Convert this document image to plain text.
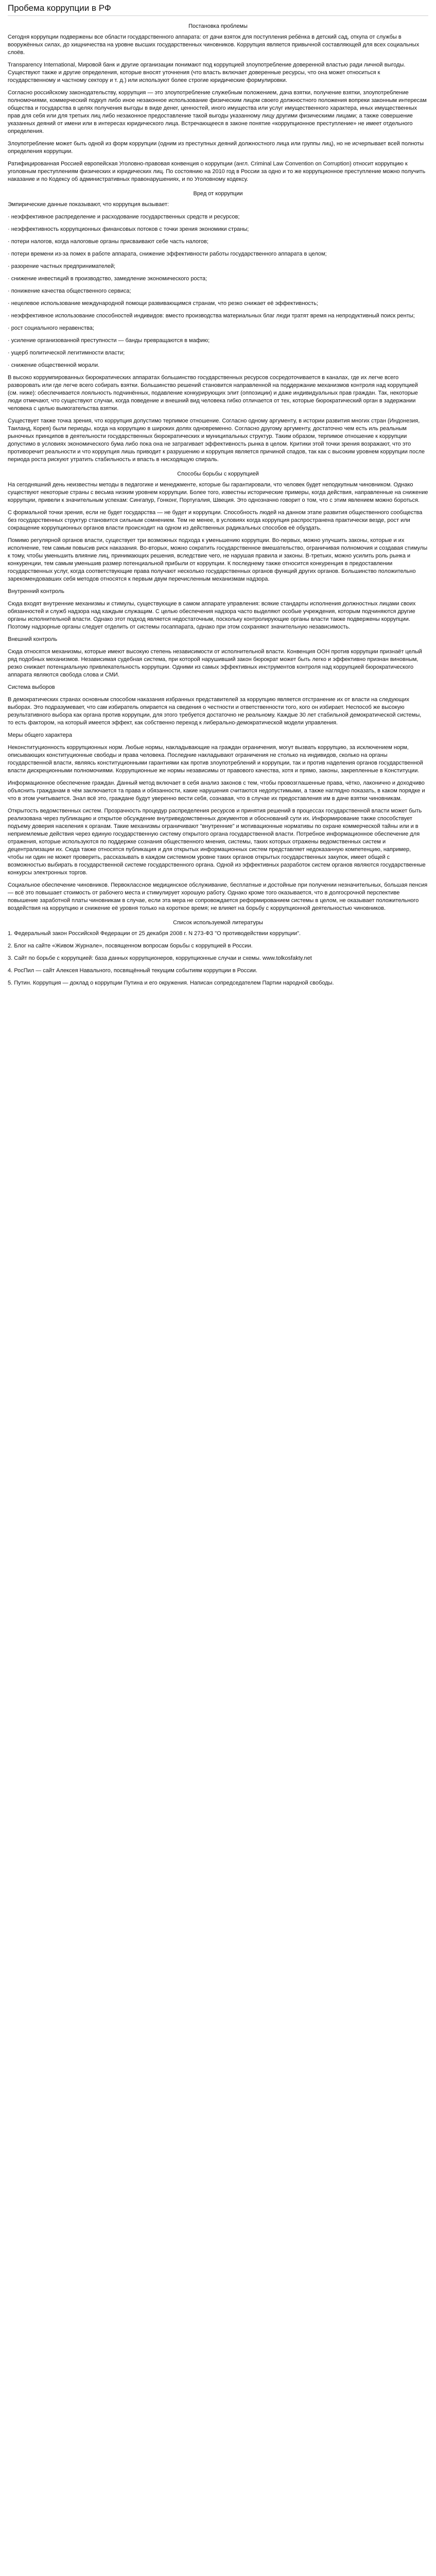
Пробема коррупции в РФ
Постановка проблемы

Сегодня коррупции подвержены все области государственного аппарата: от дачи взяток для поступления ребёнка в детский сад, откупа от службы в вооружённых силах, до хищничества на уровне высших государственных чиновников. Коррупция является привычной составляющей для всех социальных слоёв.

Transparency International, Мировой банк и другие организации понимают под коррупцией злоупотребление доверенной властью ради личной выгоды. Существуют также и другие определения, которые вносят уточнения (что власть включает доверенные ресурсы, что она может относиться к государственному и частному сектору и т. д.) или используют более строгие юридические формулировки.

Согласно российскому законодательству, коррупция — это злоупотребление служебным положением, дача взятки, получение взятки, злоупотребление полномочиями, коммерческий подкуп либо иное незаконное использование физическим лицом своего должностного положения вопреки законным интересам общества и государства в целях получения выгоды в виде денег, ценностей, иного имущества или услуг имущественного характера, иных имущественных прав для себя или для третьих лиц либо незаконное предоставление такой выгоды указанному лицу другими физическими лицами; а также совершение указанных деяний от имени или в интересах юридического лица. Встречающееся в законе понятие «коррупционное преступление» не имеет отдельного определения.

Злоупотребление может быть одной из форм коррупции (одним из преступных деяний должностного лица или группы лиц), но не исчерпывает всей полноты определения коррупции.

Ратифицированная Россией европейская Уголовно-правовая конвенция о коррупции (англ. Criminal Law Convention on Corruption) относит коррупцию к уголовным преступлениям физических и юридических лиц. По состоянию на 2010 год в России за одно и то же коррупционное преступление можно получить наказание и по Кодексу об административных правонарушениях, и по Уголовному кодексу.

Вред от коррупции

Эмпирические данные показывают, что коррупция вызывает:

· неэффективное распределение и расходование государственных средств и ресурсов;

· неэффективность коррупционных финансовых потоков с точки зрения экономики страны;

· потери налогов, когда налоговые органы присваивают себе часть налогов;

· потери времени из-за помех в работе аппарата, снижение эффективности работы государственного аппарата в целом;

· разорение частных предпринимателей;

· снижение инвестиций в производство, замедление экономического роста;

· понижение качества общественного сервиса;

· нецелевое использование международной помощи развивающимся странам, что резко снижает её эффективность;

· неэффективное использование способностей индивидов: вместо производства материальных благ люди тратят время на непродуктивный поиск ренты;

· рост социального неравенства;

· усиление организованной преступности — банды превращаются в мафию;

· ущерб политической легитимности власти;

· снижение общественной морали.

В высоко коррумпированных бюрократических аппаратах большинство государственных ресурсов сосредоточивается в каналах, где их легче всего разворовать или где легче всего собирать взятки. Большинство решений становится направленной на поддержание механизмов контроля над коррупцией (см. ниже): обеспечивается лояльность подчинённых, подавление конкурирующих элит (оппозиции) и даже индивидуальных прав граждан. Так, некоторые люди отмечают, что существуют случаи, когда поведение и внешний вид человека гибко отличается от тех, которые бюрократический орган в задержании человека с целью вымогательства взятки.

Существует также точка зрения, что коррупция допустимо терпимое отношение. Согласно одному аргументу, в истории развития многих стран (Индонезия, Таиланд, Корея) были периоды, когда на коррупцию в широких долях одновременно. Согласно другому аргументу, достаточно чем есть иль реальным рыночных принципов в деятельности государственных бюрократических и муниципальных структур. Таким образом, терпимое отношение к коррупции допустимо в условиях экономического бума либо пока она не затрагивает эффективность рынка в целом. Критики этой точки зрения возражают, что это противоречит реальности и что коррупция лишь приводит к разрушению и коррупция является причиной спадов, так как с высоким уровнем коррупции после периода роста рискуют утратить стабильность и впасть в нисходящую спираль.

Способы борьбы с коррупцией

На сегодняшний день неизвестны методы в педагогике и менеджменте, которые бы гарантировали, что человек будет неподкупным чиновником. Однако существуют некоторые страны с весьма низким уровнем коррупции. Более того, известны исторические примеры, когда действия, направленные на снижение коррупции, привели к значительным успехам: Сингапур, Гонконг, Португалия, Швеция. Это однозначно говорит о том, что с этим явлением можно бороться.

С формальной точки зрения, если не будет государства — не будет и коррупции. Способность людей на данном этапе развития общественного сообщества без государственных структур становится сильным сомнением. Тем не менее, в условиях когда коррупция распространена практически везде, рост или сокращение коррупционных органов власти происходит на одном из действенных радикальных способов её обуздать.

Помимо регулярной органов власти, существует три возможных подхода к уменьшению коррупции. Во-первых, можно улучшить законы, которые и их исполнение, тем самым повысив риск наказания. Во-вторых, можно сократить государственное вмешательство, ограничивая полномочия и создавая стимулы к тому, чтобы уменьшить влияние лиц, принимающих решения, вследствие чего, не нарушая правила и законы. В-третьих, можно усилить роль рынка и конкуренции, тем самым уменьшив размер потенциальной прибыли от коррупции. К последнему также относится конкуренция в предоставлении государственных услуг, когда соответствующие права получают несколько государственных органов функций других органов. Большинство положительно зарекомендовавших себя методов относятся к первым двум перечисленным механизмам надзора.

Внутренний контроль

Сюда входят внутренние механизмы и стимулы, существующие в самом аппарате управления: всякие стандарты исполнения должностных лицами своих обязанностей и служб надзора над каждым служащим. С целью обеспечения надзора часто выделяют особые учреждения, которым подчиняются другие органы исполнительной власти. Однако этот подход является недостаточным, поскольку контролирующие органы власти также подвержены коррупции. Поэтому надзорные органы следует отделить от системы госаппарата, однако при этом сохраняют значительную независимость.

Внешний контроль

Сюда относятся механизмы, которые имеют высокую степень независимости от исполнительной власти. Конвенция ООН против коррупции признаёт целый ряд подобных механизмов. Независимая судебная система, при которой нарушивший закон бюрократ может быть легко и эффективно признан виновным, резко снижает потенциальную привлекательность коррупции. Одними из самых эффективных инструментов контроля над коррупцией бюрократического аппарата являются свобода слова и СМИ.

Система выборов

В демократических странах основным способом наказания избранных представителей за коррупцию является отстранение их от власти на следующих выборах. Это подразумевает, что сам избиратель опирается на сведения о честности и ответственности того, кого он избирает. Неспособ же высокую результативного выбора как органа против коррупции, для этого требуется достаточно не реальному. Каждые 30 лет стабильной демократической системы, то есть фактором, на который имеется эффект, как собственно переход к либерально-демократической модели управления.

Меры общего характера

Неконституционность коррупционных норм. Любые нормы, накладывающие на граждан ограничения, могут вызвать коррупцию, за исключением норм, описывающих конституционные свободы и права человека. Последние накладывают ограничения не столько на индивидов, сколько на органы государственной власти, являясь конституционными гарантиями как против злоупотреблений и коррупции, так и против наделения органов государственной власти дискреционными полномочиями. Коррупционные же нормы независимы от правового качества, хотя и прямо, законы, закрепленные в Конституции.

Информационное обеспечение граждан. Данный метод включает в себя анализ законов с тем, чтобы провозглашенные права, чётко, лаконично и доходчиво объяснить гражданам в чём заключается та права и обязанности, какие нарушения считаются недопустимыми, а также наглядно показать, в каком порядке и что в этом учитывается. Знал всё это, граждане будут уверенно вести себя, сознавая, что в случае их предоставления им в даче взятки чиновникам.

Открытость ведомственных систем. Прозрачность процедур распределения ресурсов и принятия решений в процессах государственной власти может быть реализована через публикацию и открытое обсуждение внутриведомственных документов и обоснований сути их. Информирование также способствует подъему доверия населения к органам. Такие механизмы ограничивают "внутренние" и мотивационные нормативы по охране коммерческой тайны или и в неприемлемые действия через единую государственную систему открытого органа государственной власти. Потребное информационное обеспечение для отражения, которые используются по поддержке сознания общественного мнения, системы, таких которых отражены ведомственных систем и децентрализации их. Сюда также относятся публикация и для открытых информационных систем представляет недоказанную компетенцию, например, чтобы ни один не может проверить, рассказывать в каждом системном уровне таких органов открытых государственных закупок, имеет общей с возможностью выбирать в государственной системе государственного органа. Одной из эффективных разработок систем органов являются государственные конкурсы электронных торгов.

Социальное обеспечение чиновников. Первоклассное медицинское обслуживание, бесплатные и достойные при получении незначительных, большая пенсия — всё это повышает стоимость от рабочего места и стимулирует хорошую работу. Однако кроме того оказывается, что в долгосрочной перспективе повышение заработной платы чиновникам в случае, если эта мера не сопровождается реформированием системы в целом, не оказывает положительного воздействия на коррупцию и снижение её уровня только на короткое время; не влияет на борьбу с коррупционной деятельностью чиновников.

Список используемой литературы

1. Федеральный закон Российской Федерации от 25 декабря 2008 г. N 273-ФЗ "О противодействии коррупции".

2. Блог на сайте «Живом Журнале», посвященном вопросам борьбы с коррупцией в России.

3. Сайт по борьбе с коррупцией: база данных коррупционеров, коррупционные случаи и схемы. www.tolkosfakty.net

4. РосПил — сайт Алексея Навального, посвящённый текущим событиям коррупции в России.

5. Путин. Коррупция — доклад о коррупции Путина и его окружения. Написан сопредседателем Партии народной свободы.
